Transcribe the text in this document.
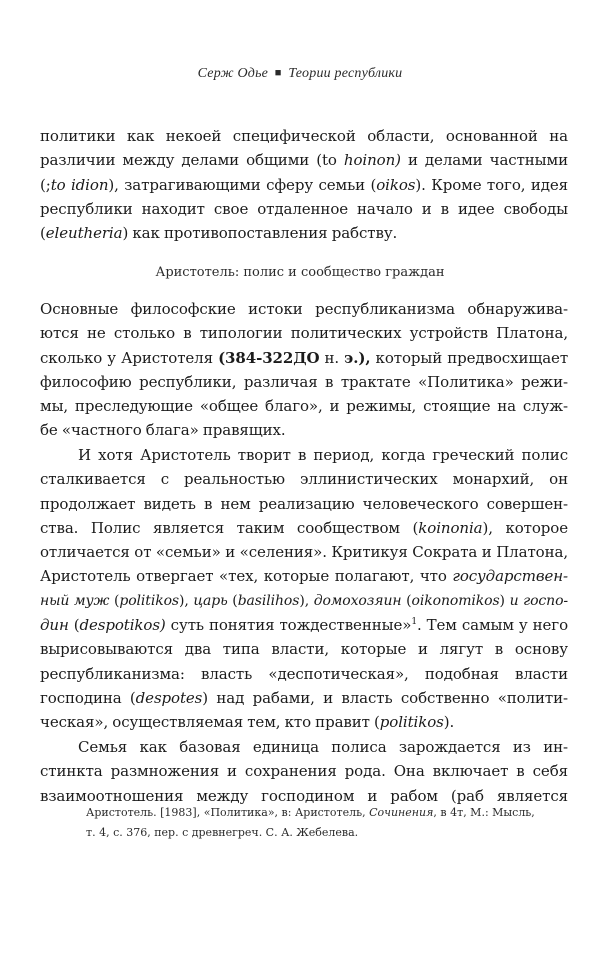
Серж Одье ■ Теории республики
политики как некоей специфической области, основанной на
различии между делами общими (to hoinon) и делами частными
(;to idion), затрагивающими сферу семьи (oikos). Кроме того, идея
республики находит свое отдаленное начало и в идее свободы
(eleutheria) как противопоставления рабству.
Аристотель: полис и сообщество граждан
Основные философские истоки республиканизма обнаружива-
ются не столько в типологии политических устройств Платона,
сколько у Аристотеля (384-322ДО н. э.), который предвосхищает
философию республики, различая в трактате «Политика» режи-
мы, преследующие «общее благо», и режимы, стоящие на служ-
бе «частного блага» правящих.
И хотя Аристотель творит в период, когда греческий полис
сталкивается с реальностью эллинистических монархий, он
продолжает видеть в нем реализацию человеческого совершен-
ства. Полис является таким сообществом (koinonia), которое
отличается от «семьи» и «селения». Критикуя Сократа и Платона,
Аристотель отвергает «тех, которые полагают, что государствен-
ный муж (politikos), царь (basilihos), домохозяин (oikonomikos) и госпо-
дин (despotikos) суть понятия тождественные»$^1$. Тем самым у него
вырисовываются два типа власти, которые и лягут в основу
республиканизма: власть «деспотическая», подобная власти
господина (despotes) над рабами, и власть собственно «полити-
ческая», осуществляемая тем, кто правит (politikos).
Семья как базовая единица полиса зарождается из ин-
стинкта размножения и сохранения рода. Она включает в себя
взаимоотношения между господином и рабом (раб является
Аристотель. [1983], «Политика», в: Аристотель, Сочинения, в 4т, М.: Мысль,
т. 4, с. 376, пер. с древнегреч. С. А. Жебелева.
